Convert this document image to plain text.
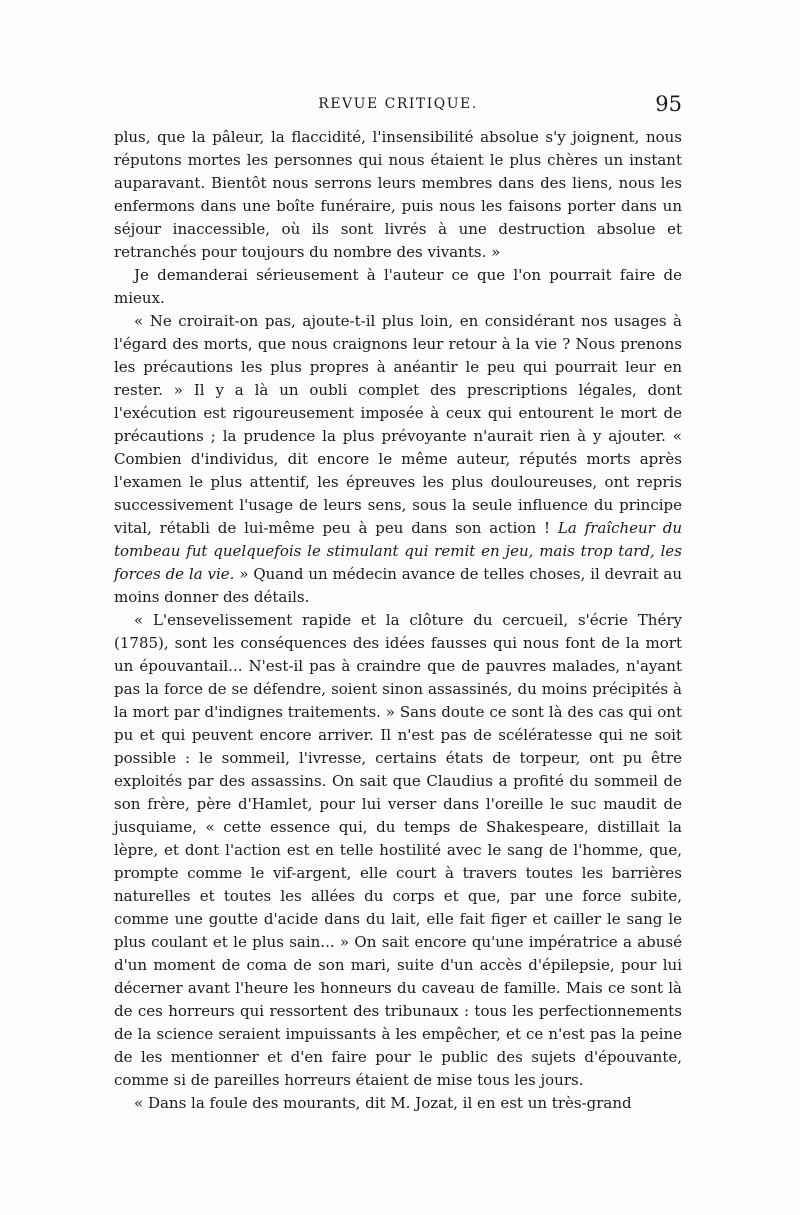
REVUE CRITIQUE.	95

plus, que la pâleur, la flaccidité, l'insensibilité absolue s'y joignent, nous réputons mortes les personnes qui nous étaient le plus chères un instant auparavant. Bientôt nous serrons leurs membres dans des liens, nous les enfermons dans une boîte funéraire, puis nous les faisons porter dans un séjour inaccessible, où ils sont livrés à une destruction absolue et retranchés pour toujours du nombre des vivants. »

Je demanderai sérieusement à l'auteur ce que l'on pourrait faire de mieux.

« Ne croirait-on pas, ajoute-t-il plus loin, en considérant nos usages à l'égard des morts, que nous craignons leur retour à la vie ? Nous prenons les précautions les plus propres à anéantir le peu qui pourrait leur en rester. » Il y a là un oubli complet des prescriptions légales, dont l'exécution est rigoureusement imposée à ceux qui entourent le mort de précautions ; la prudence la plus prévoyante n'aurait rien à y ajouter. « Combien d'individus, dit encore le même auteur, réputés morts après l'examen le plus attentif, les épreuves les plus douloureuses, ont repris successivement l'usage de leurs sens, sous la seule influence du principe vital, rétabli de lui-même peu à peu dans son action ! La fraîcheur du tombeau fut quelquefois le stimulant qui remit en jeu, mais trop tard, les forces de la vie. » Quand un médecin avance de telles choses, il devrait au moins donner des détails.

« L'ensevelissement rapide et la clôture du cercueil, s'écrie Théry (1785), sont les conséquences des idées fausses qui nous font de la mort un épouvantail... N'est-il pas à craindre que de pauvres malades, n'ayant pas la force de se défendre, soient sinon assassinés, du moins précipités à la mort par d'indignes traitements. » Sans doute ce sont là des cas qui ont pu et qui peuvent encore arriver. Il n'est pas de scélératesse qui ne soit possible : le sommeil, l'ivresse, certains états de torpeur, ont pu être exploités par des assassins. On sait que Claudius a profité du sommeil de son frère, père d'Hamlet, pour lui verser dans l'oreille le suc maudit de jusquiame, « cette essence qui, du temps de Shakespeare, distillait la lèpre, et dont l'action est en telle hostilité avec le sang de l'homme, que, prompte comme le vif-argent, elle court à travers toutes les barrières naturelles et toutes les allées du corps et que, par une force subite, comme une goutte d'acide dans du lait, elle fait figer et cailler le sang le plus coulant et le plus sain... » On sait encore qu'une impératrice a abusé d'un moment de coma de son mari, suite d'un accès d'épilepsie, pour lui décerner avant l'heure les honneurs du caveau de famille. Mais ce sont là de ces horreurs qui ressortent des tribunaux : tous les perfectionnements de la science seraient impuissants à les empêcher, et ce n'est pas la peine de les mentionner et d'en faire pour le public des sujets d'épouvante, comme si de pareilles horreurs étaient de mise tous les jours.

« Dans la foule des mourants, dit M. Jozat, il en est un très-grand
